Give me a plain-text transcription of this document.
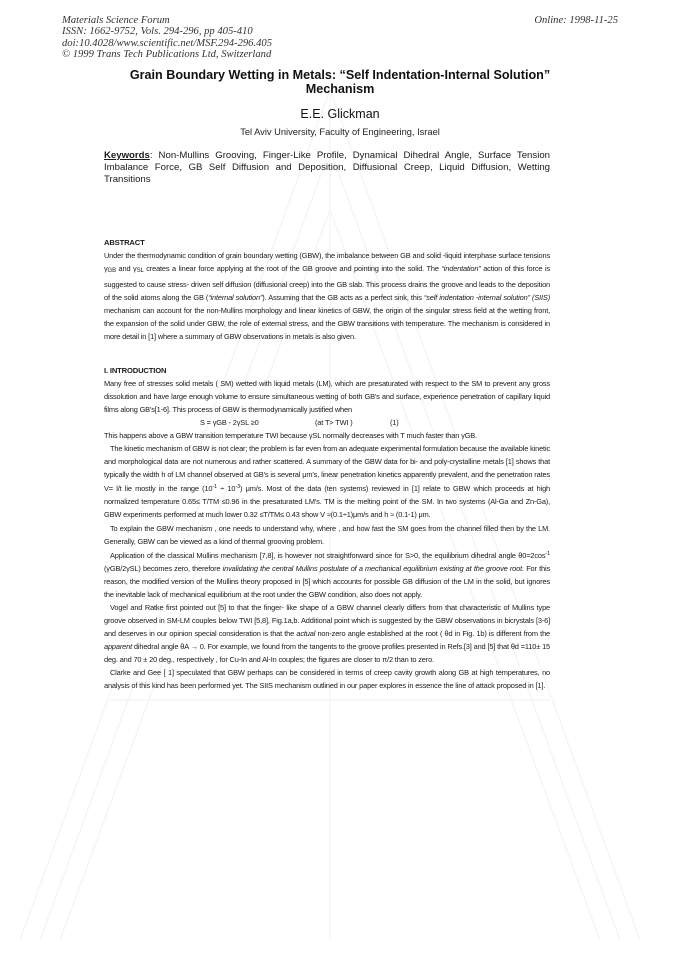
Materials Science Forum
ISSN: 1662-9752, Vols. 294-296, pp 405-410
doi:10.4028/www.scientific.net/MSF.294-296.405
© 1999 Trans Tech Publications Ltd, Switzerland
Online: 1998-11-25
Grain Boundary Wetting in Metals: “Self Indentation-Internal Solution”
Mechanism
E.E. Glickman
Tel Aviv University, Faculty of Engineering, Israel
Keywords: Non-Mullins Grooving, Finger-Like Profile, Dynamical Dihedral Angle, Surface Tension Imbalance Force, GB Self Diffusion and Deposition, Diffusional Creep, Liquid Diffusion, Wetting Transitions

ABSTRACT

Under the thermodynamic condition of grain boundary wetting (GBW), the imbalance between GB and solid -liquid interphase surface tensions γGB and γSL creates a linear force applying at the root of the GB groove and pointing into the solid. The “indentation” action of this force is suggested to cause stress- driven self diffusion (diffusional creep) into the GB slab. This process drains the groove and leads to the deposition of the solid atoms along the GB (“internal solution”). Assuming that the GB acts as a perfect sink, this “self indentation -internal solution” (SIIS) mechanism can account for the non-Mullins morphology and linear kinetics of GBW, the origin of the singular stress field at the wetting front, the expansion of the solid under GBW, the role of external stress, and the GBW transitions with temperature. The mechanism is considered in more detail in [1] where a summary of GBW observations in metals is also given.

I. INTRODUCTION

Many free of stresses solid metals ( SM) wetted with liquid metals (LM), which are presaturated with respect to the SM to prevent any gross dissolution and have large enough volume to ensure simultaneous wetting of both GB's and surface, experience penetration of capillary liquid films along GB's[1-6]. This process of GBW is thermodynamically justified when

S = γGB - 2γSL ≥0	(at T> TWI )	(1)

This happens above a GBW transition temperature TWI because γSL normally decreases with T much faster than γGB.

The kinetic mechanism of GBW is not clear; the problem is far even from an adequate experimental formulation because the available kinetic and morphological data are not numerous and rather scattered. A summary of the GBW data for bi- and poly-crystalline metals [1] shows that typically the width h of LM channel observed at GB's is several μm's, linear penetration kinetics apparently prevalent, and the penetration rates V= l/t lie mostly in the range $(10^{-1} \div 10^{-3})$ μm/s. Most of the data (ten systems) reviewed in [1] relate to GBW which proceeds at high normalized temperature 0.65≤ T/TM ≤0.96 in the presaturated LM's. TM is the melting point of the SM. In two systems (Al-Ga and Zn-Ga), GBW experiments performed at much lower 0.32 ≤T/TM≤ 0.43 show V ≈(0.1÷1)μm/s and h ≈ (0.1-1) μm.

To explain the GBW mechanism , one needs to understand why, where , and how fast the SM goes from the channel filled then by the LM. Generally, GBW can be viewed as a kind of thermal grooving problem.

Application of the classical Mullins mechanism [7,8], is however not straightforward since for S>0, the equilibrium dihedral angle $\theta 0=2\cos^{-1}$ (γGB/2γSL) becomes zero, therefore invalidating the central Mullins postulate of a mechanical equilibrium existing at the groove root. For this reason, the modified version of the Mullins theory proposed in [5] which accounts for possible GB diffusion of the LM in the solid, but ignores the inevitable lack of mechanical equilibrium at the root under the GBW condition, also does not apply.

Vogel and Ratke first pointed out [5] to that the finger- like shape of a GBW channel clearly differs from that characteristic of Mullins type groove observed in SM-LM couples below TWI [5,8], Fig.1a,b. Additional point which is suggested by the GBW observations in bicrystals [3-6] and deserves in our opinion special consideration is that the actual non-zero angle established at the root ( θd in Fig. 1b) is different from the apparent dihedral angle θA → 0. For example, we found from the tangents to the groove profiles presented in Refs.[3] and [5] that θd =110± 15 deg. and 70 ± 20 deg., respectively , for Cu-In and Al-In couples; the figures are closer to π/2 than to zero.

Clarke and Gee [ 1] speculated that GBW perhaps can be considered in terms of creep cavity growth along GB at high temperatures, no analysis of this kind has been performed yet. The SIIS mechanism outlined in our paper explores in essence the line of attack proposed in [1].
